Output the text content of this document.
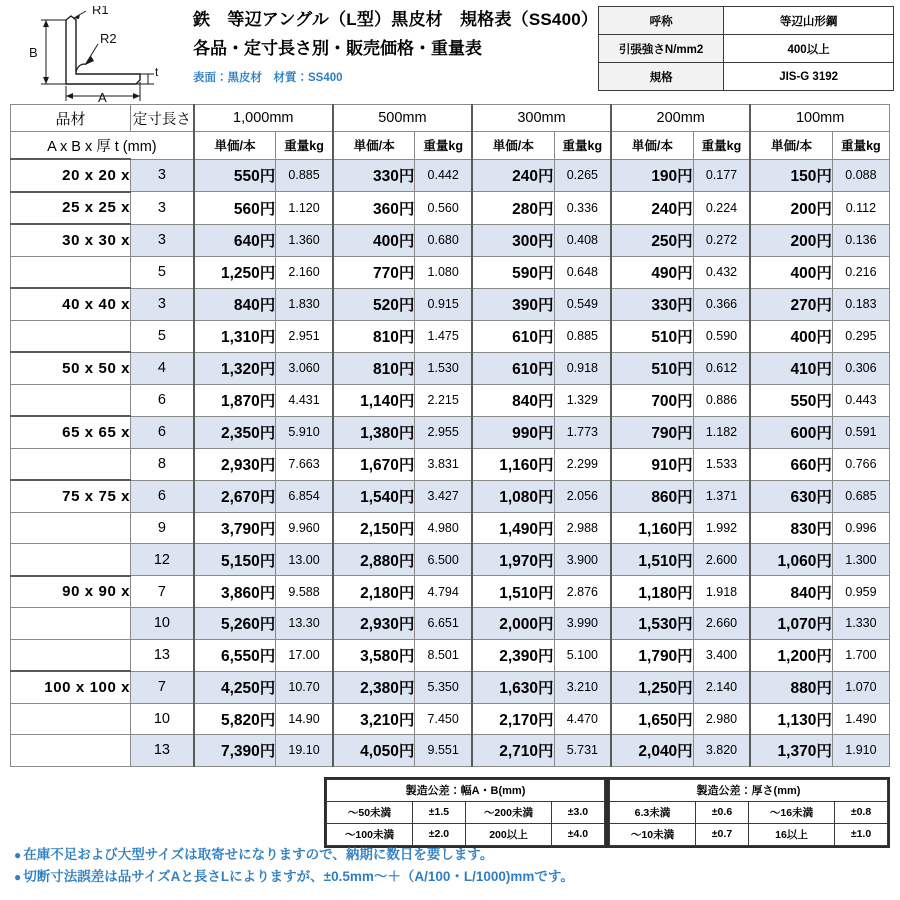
R1
R2
B
A
t
鉄　等辺アングル（L型）黒皮材　規格表（SS400）
各品・定寸長さ別・販売価格・重量表
表面：黒皮材　材質：SS400
呼称	等辺山形鋼
引張強さN/mm2	400以上
規格	JIS-G 3192
品材	定寸長さ	1,000mm		500mm		300mm		200mm		100mm	
A x B x 厚 t (mm)		単価/本	重量kg	単価/本	重量kg	単価/本	重量kg	単価/本	重量kg	単価/本	重量kg
20 x 20 x	3	550円	0.885	330円	0.442	240円	0.265	190円	0.177	150円	0.088
25 x 25 x	3	560円	1.120	360円	0.560	280円	0.336	240円	0.224	200円	0.112
30 x 30 x	3	640円	1.360	400円	0.680	300円	0.408	250円	0.272	200円	0.136
	5	1,250円	2.160	770円	1.080	590円	0.648	490円	0.432	400円	0.216
40 x 40 x	3	840円	1.830	520円	0.915	390円	0.549	330円	0.366	270円	0.183
	5	1,310円	2.951	810円	1.475	610円	0.885	510円	0.590	400円	0.295
50 x 50 x	4	1,320円	3.060	810円	1.530	610円	0.918	510円	0.612	410円	0.306
	6	1,870円	4.431	1,140円	2.215	840円	1.329	700円	0.886	550円	0.443
65 x 65 x	6	2,350円	5.910	1,380円	2.955	990円	1.773	790円	1.182	600円	0.591
	8	2,930円	7.663	1,670円	3.831	1,160円	2.299	910円	1.533	660円	0.766
75 x 75 x	6	2,670円	6.854	1,540円	3.427	1,080円	2.056	860円	1.371	630円	0.685
	9	3,790円	9.960	2,150円	4.980	1,490円	2.988	1,160円	1.992	830円	0.996
	12	5,150円	13.00	2,880円	6.500	1,970円	3.900	1,510円	2.600	1,060円	1.300
90 x 90 x	7	3,860円	9.588	2,180円	4.794	1,510円	2.876	1,180円	1.918	840円	0.959
	10	5,260円	13.30	2,930円	6.651	2,000円	3.990	1,530円	2.660	1,070円	1.330
	13	6,550円	17.00	3,580円	8.501	2,390円	5.100	1,790円	3.400	1,200円	1.700
100 x 100 x	7	4,250円	10.70	2,380円	5.350	1,630円	3.210	1,250円	2.140	880円	1.070
	10	5,820円	14.90	3,210円	7.450	2,170円	4.470	1,650円	2.980	1,130円	1.490
	13	7,390円	19.10	4,050円	9.551	2,710円	5.731	2,040円	3.820	1,370円	1.910
製造公差：幅A・B(mm)			
〜50未満	±1.5	〜200未満	±3.0
〜100未満	±2.0	200以上	±4.0
製造公差：厚さ(mm)			
6.3未満	±0.6	〜16未満	±0.8
〜10未満	±0.7	16以上	±1.0
● 在庫不足および大型サイズは取寄せになりますので、納期に数日を要します。
● 切断寸法誤差は品サイズAと長さLによりますが、±0.5mm〜＋（A/100・L/1000)mmです。
